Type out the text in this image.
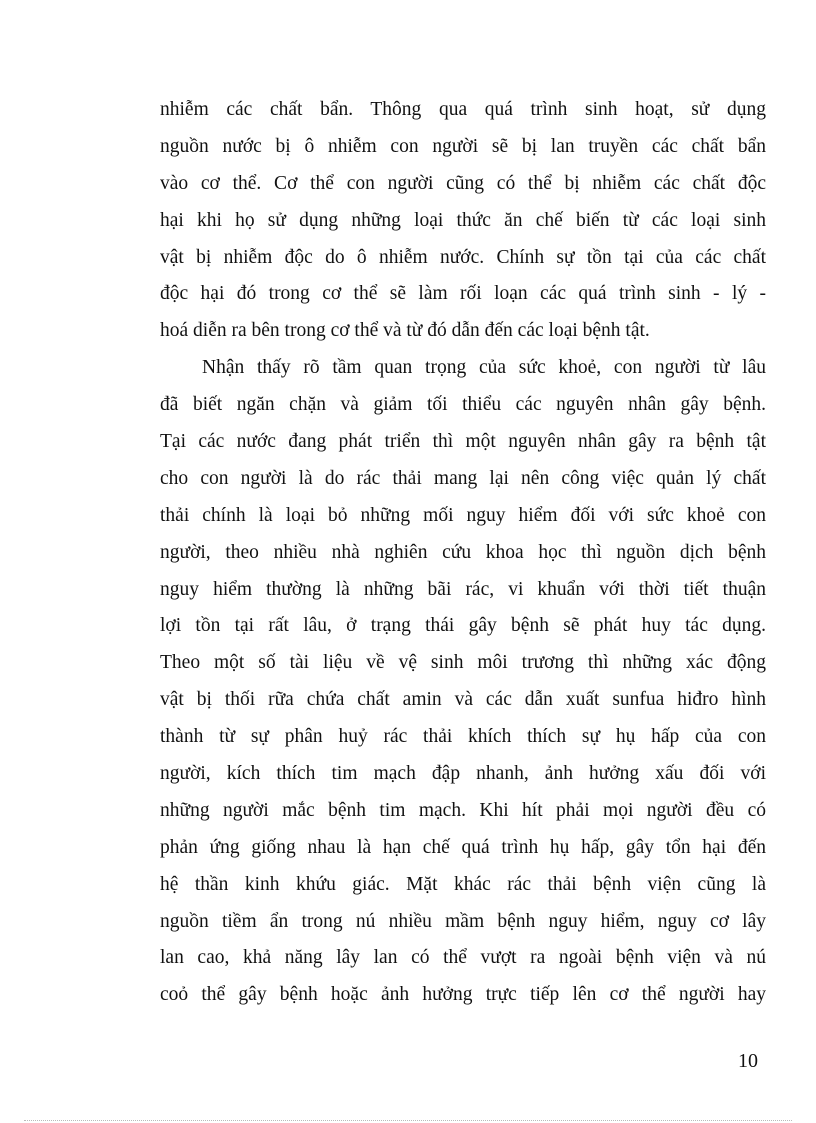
nhiễm các chất bẩn. Thông qua quá trình sinh hoạt, sử dụng
nguồn nước bị ô nhiễm con người sẽ bị lan truyền các chất bẩn
vào cơ thể. Cơ thể con người cũng có thể bị nhiễm các chất độc
hại khi họ sử dụng những loại thức ăn chế biến từ các loại sinh
vật bị nhiễm độc do ô nhiễm nước. Chính sự tồn tại của các chất
độc hại đó trong cơ thể sẽ làm rối loạn các quá trình sinh - lý -
hoá diễn ra bên trong cơ thể và từ đó dẫn đến các loại bệnh tật.
Nhận thấy rõ tầm quan trọng của sức khoẻ, con người từ lâu
đã biết ngăn chặn và giảm tối thiểu các nguyên nhân gây bệnh.
Tại các nước đang phát triển thì một nguyên nhân gây ra bệnh tật
cho con người là do rác thải mang lại nên công việc quản lý chất
thải chính là loại bỏ những mối nguy hiểm đối với sức khoẻ con
người, theo nhiều nhà nghiên cứu khoa học thì nguồn dịch bệnh
nguy hiểm thường là những bãi rác, vi khuẩn với thời tiết thuận
lợi tồn tại rất lâu, ở trạng thái gây bệnh sẽ phát huy tác dụng.
Theo một số tài liệu về vệ sinh môi trương thì những xác động
vật bị thối rữa chứa chất amin và các dẫn xuất sunfua hiđro hình
thành từ sự phân huỷ rác thải khích thích sự hụ hấp của con
người, kích thích tim mạch đập nhanh, ảnh hưởng xấu đối với
những người mắc bệnh tim mạch. Khi hít phải mọi người đều có
phản ứng giống nhau là hạn chế quá trình hụ hấp, gây tổn hại đến
hệ thần kinh khứu giác. Mặt khác rác thải bệnh viện cũng là
nguồn tiềm ẩn trong nú nhiều mầm bệnh nguy hiểm, nguy cơ lây
lan cao, khả năng lây lan có thể vượt ra ngoài bệnh viện và nú
coỏ thể gây bệnh hoặc ảnh hưởng trực tiếp lên cơ thể người hay
10
